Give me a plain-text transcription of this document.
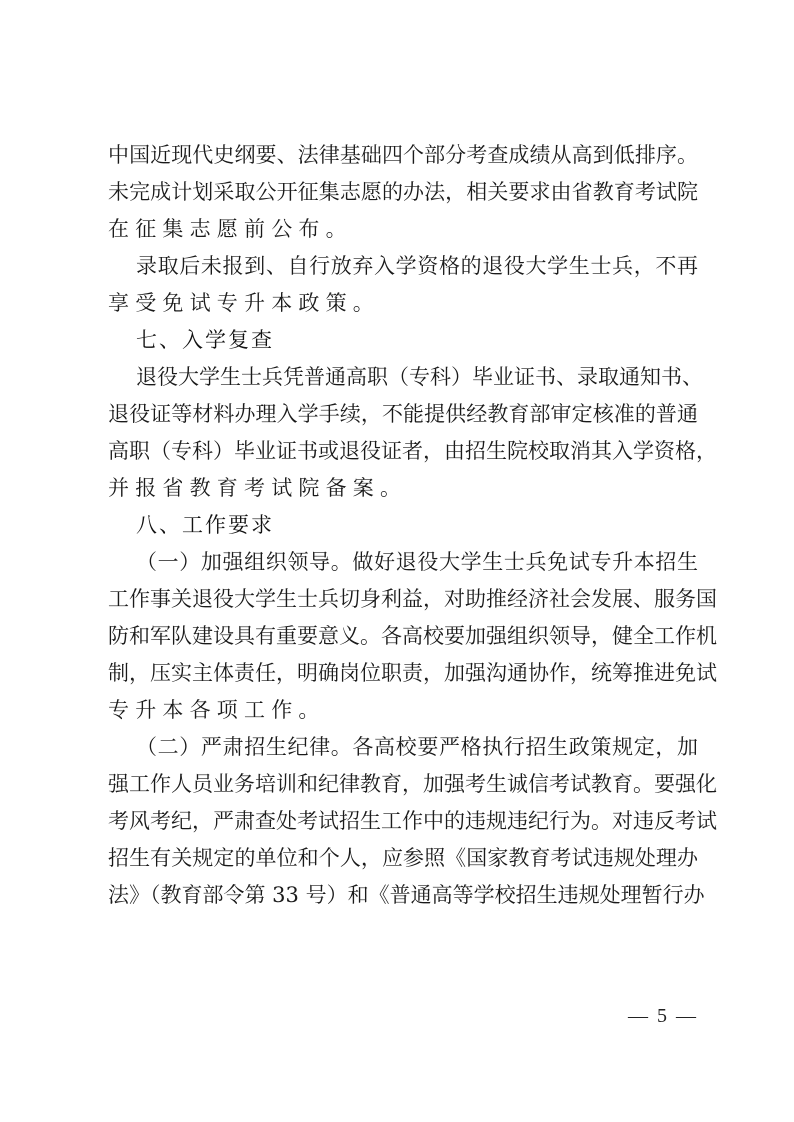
中国近现代史纲要、法律基础四个部分考查成绩从高到低排序。
未完成计划采取公开征集志愿的办法，相关要求由省教育考试院
在征集志愿前公布。
录取后未报到、自行放弃入学资格的退役大学生士兵，不再
享受免试专升本政策。
七、入学复查
退役大学生士兵凭普通高职（专科）毕业证书、录取通知书、
退役证等材料办理入学手续，不能提供经教育部审定核准的普通
高职（专科）毕业证书或退役证者，由招生院校取消其入学资格，
并报省教育考试院备案。
八、工作要求
（一）加强组织领导。做好退役大学生士兵免试专升本招生
工作事关退役大学生士兵切身利益，对助推经济社会发展、服务国
防和军队建设具有重要意义。各高校要加强组织领导，健全工作机
制，压实主体责任，明确岗位职责，加强沟通协作，统筹推进免试
专升本各项工作。
（二）严肃招生纪律。各高校要严格执行招生政策规定，加
强工作人员业务培训和纪律教育，加强考生诚信考试教育。要强化
考风考纪，严肃查处考试招生工作中的违规违纪行为。对违反考试
招生有关规定的单位和个人，应参照《国家教育考试违规处理办
法》（教育部令第 33 号）和《普通高等学校招生违规处理暂行办
— 5 —
